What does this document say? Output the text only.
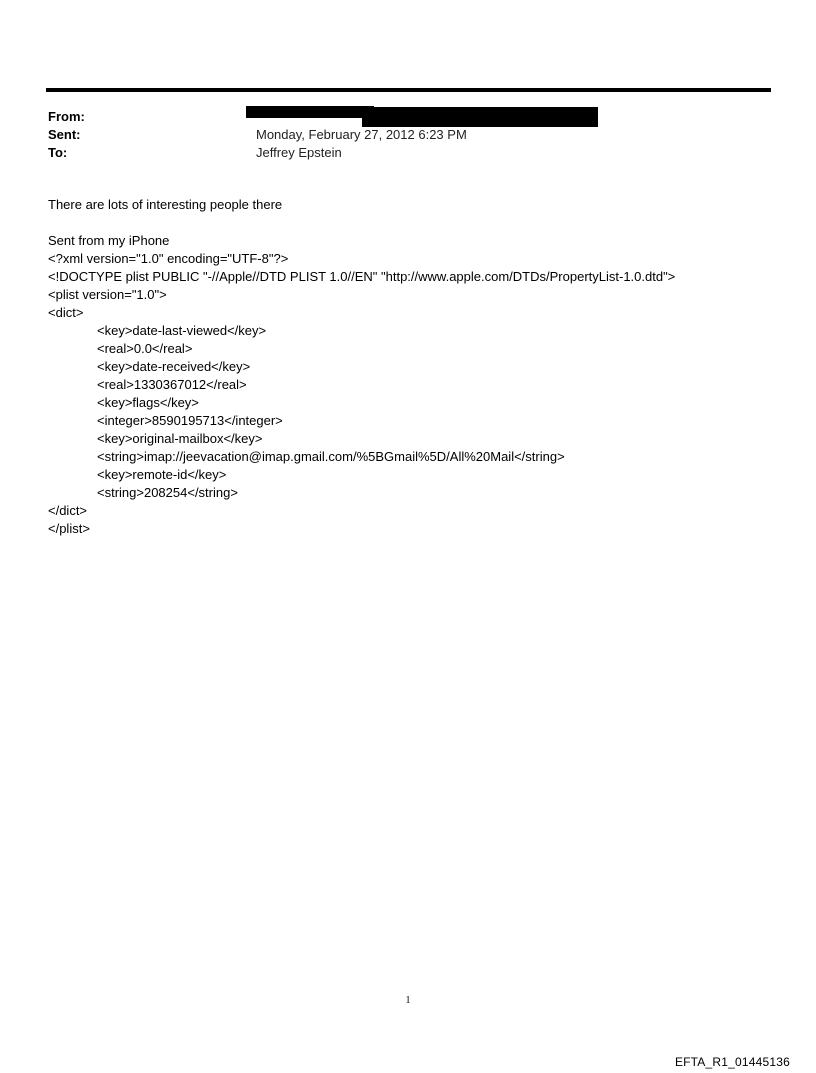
From:
Sent:	Monday, February 27, 2012 6:23 PM
To:	Jeffrey Epstein
There are lots of interesting people there
Sent from my iPhone
<?xml version="1.0" encoding="UTF-8"?>
<!DOCTYPE plist PUBLIC "-//Apple//DTD PLIST 1.0//EN" "http://www.apple.com/DTDs/PropertyList-1.0.dtd">
<plist version="1.0">
<dict>
<key>date-last-viewed</key>
<real>0.0</real>
<key>date-received</key>
<real>1330367012</real>
<key>flags</key>
<integer>8590195713</integer>
<key>original-mailbox</key>
<string>imap://jeevacation@imap.gmail.com/%5BGmail%5D/All%20Mail</string>
<key>remote-id</key>
<string>208254</string>
</dict>
</plist>
1
EFTA_R1_01445136
